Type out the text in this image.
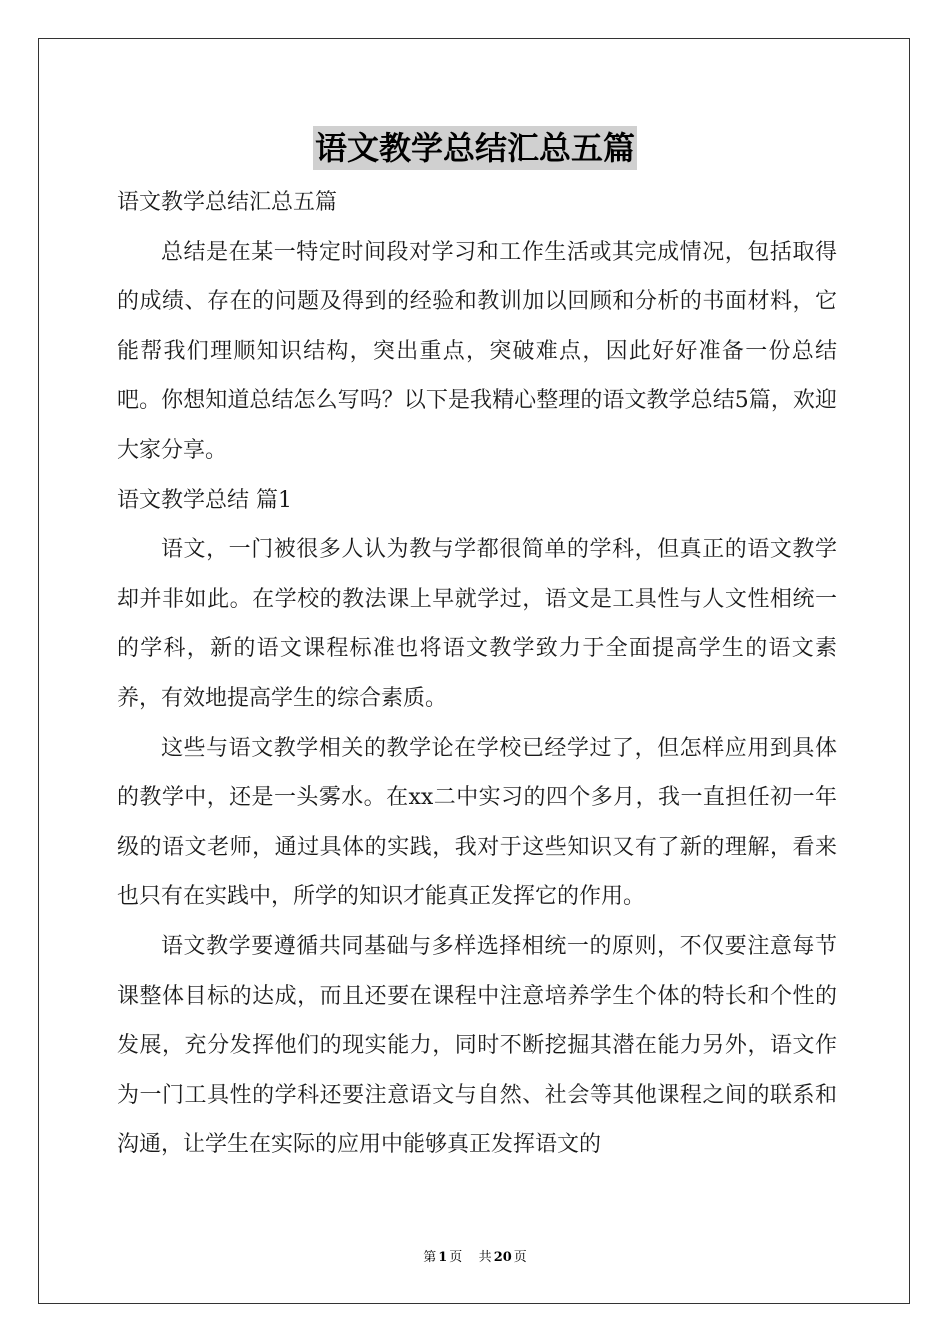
语文教学总结汇总五篇

语文教学总结汇总五篇

总结是在某一特定时间段对学习和工作生活或其完成情况，包括取得的成绩、存在的问题及得到的经验和教训加以回顾和分析的书面材料，它能帮我们理顺知识结构，突出重点，突破难点，因此好好准备一份总结吧。你想知道总结怎么写吗？以下是我精心整理的语文教学总结5篇，欢迎大家分享。

语文教学总结 篇1

语文，一门被很多人认为教与学都很简单的学科，但真正的语文教学却并非如此。在学校的教法课上早就学过，语文是工具性与人文性相统一的学科，新的语文课程标准也将语文教学致力于全面提高学生的语文素养，有效地提高学生的综合素质。

这些与语文教学相关的教学论在学校已经学过了，但怎样应用到具体的教学中，还是一头雾水。在xx二中实习的四个多月，我一直担任初一年级的语文老师，通过具体的实践，我对于这些知识又有了新的理解，看来也只有在实践中，所学的知识才能真正发挥它的作用。

语文教学要遵循共同基础与多样选择相统一的原则，不仅要注意每节课整体目标的达成，而且还要在课程中注意培养学生个体的特长和个性的发展，充分发挥他们的现实能力，同时不断挖掘其潜在能力另外，语文作为一门工具性的学科还要注意语文与自然、社会等其他课程之间的联系和沟通，让学生在实际的应用中能够真正发挥语文的

第 1 页 共 20 页
